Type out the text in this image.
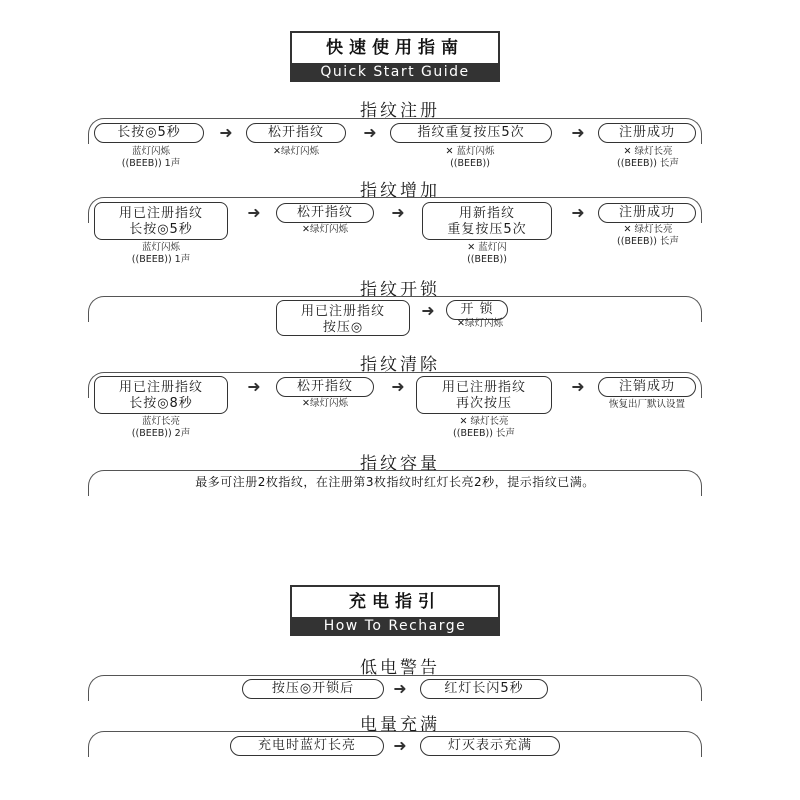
快速使用指南
Quick Start Guide
指纹注册
长按◎5秒	➜	松开指纹	➜	指纹重复按压5次	➜	注册成功
蓝灯闪烁
((BEEB)) 1声
✕绿灯闪烁	✕ 蓝灯闪烁
((BEEB))
✕ 绿灯长亮
((BEEB)) 长声
指纹增加
用已注册指纹
长按◎5秒
➜	松开指纹	➜	用新指纹
重复按压5次
➜	注册成功
蓝灯闪烁
((BEEB)) 1声
✕绿灯闪烁
✕ 蓝灯闪
((BEEB))
✕ 绿灯长亮
((BEEB)) 长声
指纹开锁
用已注册指纹
按压◎
➜	开 锁
✕绿灯闪烁
指纹清除
用已注册指纹
长按◎8秒
➜	松开指纹	➜	用已注册指纹
再次按压
➜	注销成功
蓝灯长亮
((BEEB)) 2声
✕绿灯闪烁
✕ 绿灯长亮
((BEEB)) 长声
恢复出厂默认设置
指纹容量
最多可注册2枚指纹，在注册第3枚指纹时红灯长亮2秒，提示指纹已满。
充电指引
How To Recharge
低电警告
按压◎开锁后	➜	红灯长闪5秒
电量充满
充电时蓝灯长亮	➜	灯灭表示充满
